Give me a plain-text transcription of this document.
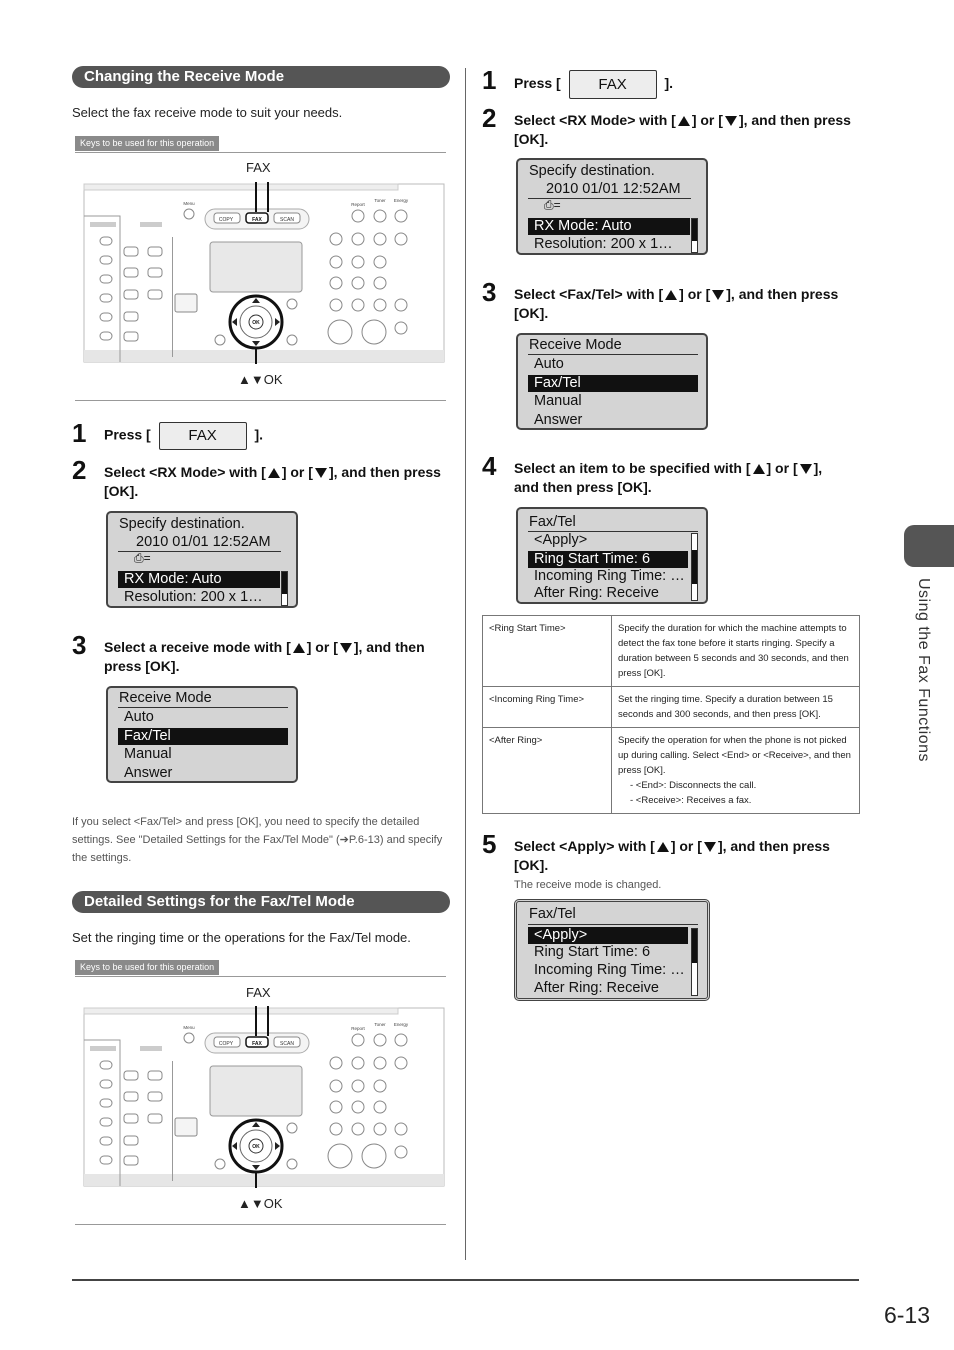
Changing the Receive Mode
Select the fax receive mode to suit your needs.
Keys to be used for this operation
FAX
▲▼OK
COPY	FAX	SCAN
Menu	Report
Toner Energy
OK
1 Press [	FAX	].
2 Select <RX Mode> with [ ] or [ ], and then press
[OK].
Specify destination.
2010 01/01 12:52AM
⎙=
RX Mode: Auto
Resolution: 200 x 1…
3 Select a receive mode with [ ] or [ ], and then
press [OK].
Receive Mode
Auto
Fax/Tel
Manual
Answer
If you select <Fax/Tel> and press [OK], you need to specify the detailed settings. See "Detailed Settings for the Fax/Tel Mode" (➔P.6-13) and specify the settings.
Detailed Settings for the Fax/Tel Mode
Set the ringing time or the operations for the Fax/Tel mode.
Keys to be used for this operation
FAX
▲▼OK
COPY	FAX	SCAN
Menu	Report
Toner Energy
OK
1 Press [	FAX	].
2 Select <RX Mode> with [ ] or [ ], and then press
[OK].
Specify destination.
2010 01/01 12:52AM
⎙=
RX Mode: Auto
Resolution: 200 x 1…
3 Select <Fax/Tel> with [ ] or [ ], and then press
[OK].
Receive Mode
Auto
Fax/Tel
Manual
Answer
4 Select an item to be specified with [ ] or [ ],
and then press [OK].
Fax/Tel
<Apply>
Ring Start Time: 6
Incoming Ring Time: …
After Ring: Receive
<Ring Start Time>	Specify the duration for which the machine attempts to detect the fax tone before it starts ringing. Specify a duration between 5 seconds and 30 seconds, and then press [OK].
<Incoming Ring Time>	Set the ringing time. Specify a duration between 15 seconds and 300 seconds, and then press [OK].
<After Ring>	Specify the operation for when the phone is not picked up during calling. Select <End> or <Receive>, and then press [OK].
- <End>: Disconnects the call.
- <Receive>: Receives a fax.
5 Select <Apply> with [ ] or [ ], and then press
[OK].
The receive mode is changed.
Fax/Tel
<Apply>
Ring Start Time: 6
Incoming Ring Time: …
After Ring: Receive
Using the Fax Functions
6-13
